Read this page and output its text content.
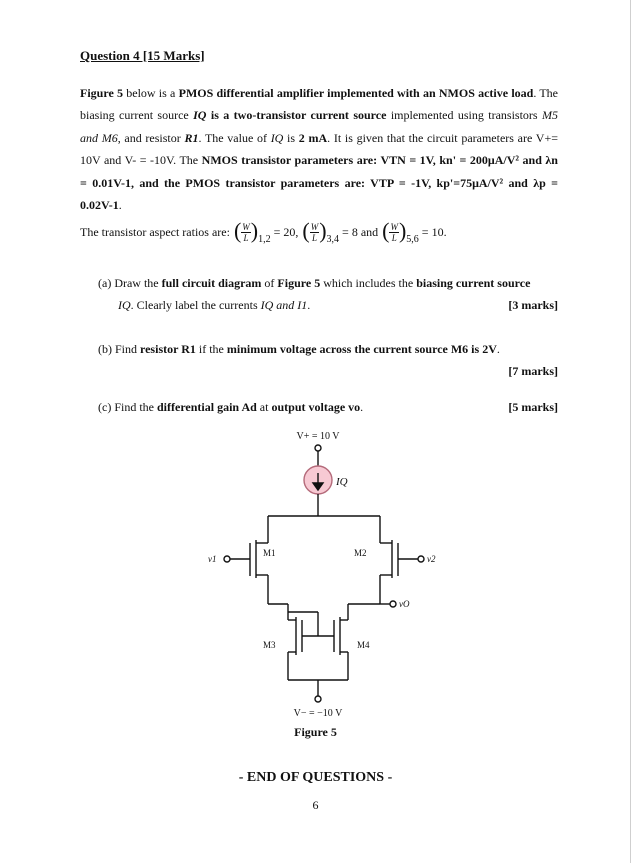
Question 4 [15 Marks]

Figure 5 below is a PMOS differential amplifier implemented with an NMOS active load. The biasing current source IQ is a two-transistor current source implemented using transistors M5 and M6, and resistor R1. The value of IQ is 2 mA. It is given that the circuit parameters are V+= 10V and V- = -10V. The NMOS transistor parameters are: VTN = 1V, kn' = 200μA/V² and λn = 0.01V-1, and the PMOS transistor parameters are: VTP = -1V, kp'=75μA/V² and λp = 0.02V-1.

The transistor aspect ratios are:
( W
L ) 1,2
= 20,
( W
L ) 3,4
= 8 and
( W
L ) 5,6
= 10.
(a) Draw the full circuit diagram of Figure 5 which includes the biasing current source
IQ. Clearly label the currents IQ and I1.	[3 marks]
(b) Find resistor R1 if the minimum voltage across the current source M6 is 2V.
[7 marks]
(c) Find the differential gain Ad at output voltage vo.	[5 marks]
V+ = 10 V
IQ
M1	M2
M3	M4
v1	v2
vO
V− = −10 V
Figure 5
- END OF QUESTIONS -
6
